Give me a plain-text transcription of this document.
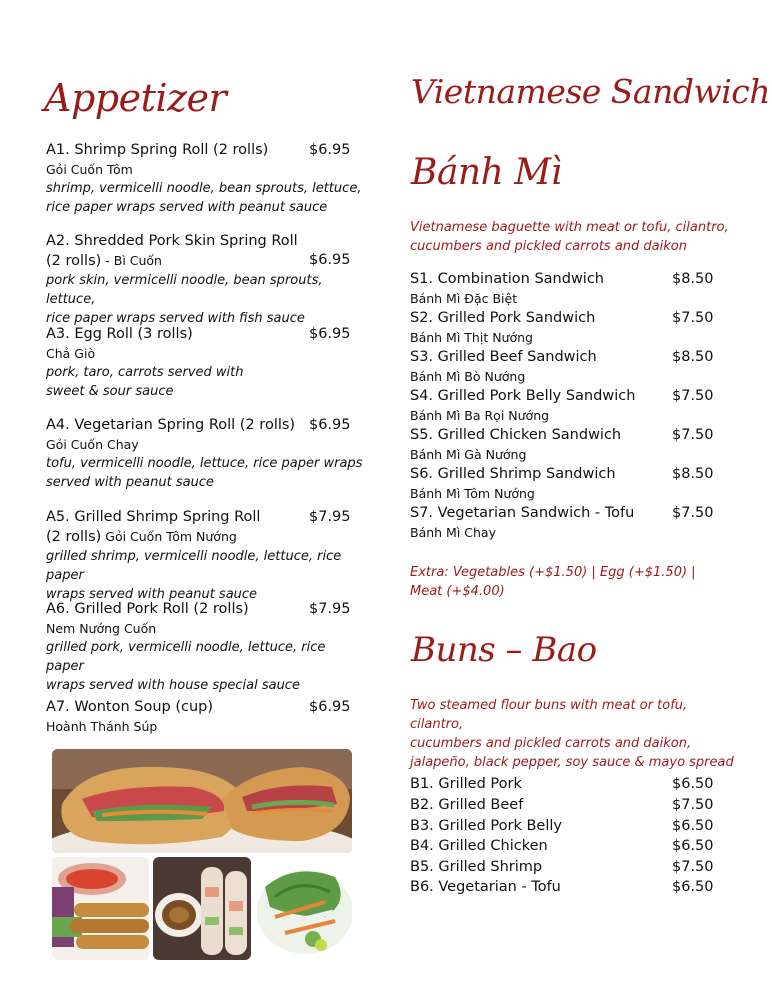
Appetizer
A1. Shrimp Spring Roll (2 rolls)	$6.95
Gỏi Cuốn Tôm
shrimp, vermicelli noodle, bean sprouts, lettuce,
rice paper wraps served with peanut sauce
A2. Shredded Pork Skin Spring Roll
(2 rolls) - Bì Cuốn	$6.95
pork skin, vermicelli noodle, bean sprouts, lettuce,
rice paper wraps served with fish sauce
A3. Egg Roll (3 rolls)	$6.95
Chả Giò
pork, taro, carrots served with
sweet & sour sauce
A4. Vegetarian Spring Roll (2 rolls) $6.95
Gỏi Cuốn Chay
tofu, vermicelli noodle, lettuce, rice paper wraps
served with peanut sauce
A5. Grilled Shrimp Spring Roll	$7.95
(2 rolls) Gỏi Cuốn Tôm Nướng
grilled shrimp, vermicelli noodle, lettuce, rice paper
wraps served with peanut sauce
A6. Grilled Pork Roll (2 rolls)	$7.95
Nem Nướng Cuốn
grilled pork, vermicelli noodle, lettuce, rice paper
wraps served with house special sauce
A7. Wonton Soup (cup)	$6.95
Hoành Thánh Súp
Vietnamese Sandwich
Bánh Mì
Vietnamese baguette with meat or tofu, cilantro,
cucumbers and pickled carrots and daikon
S1. Combination Sandwich	$8.50
Bánh Mì Đặc Biệt
S2. Grilled Pork Sandwich	$7.50
Bánh Mì Thịt Nướng
S3. Grilled Beef Sandwich	$8.50
Bánh Mì Bò Nướng
S4. Grilled Pork Belly Sandwich	$7.50
Bánh Mì Ba Rọi Nướng
S5. Grilled Chicken Sandwich	$7.50
Bánh Mì Gà Nướng
S6. Grilled Shrimp Sandwich	$8.50
Bánh Mì Tôm Nướng
S7. Vegetarian Sandwich - Tofu	$7.50
Bánh Mì Chay
Extra: Vegetables (+$1.50) | Egg (+$1.50) |
Meat (+$4.00)
Buns – Bao
Two steamed flour buns with meat or tofu, cilantro,
cucumbers and pickled carrots and daikon,
jalapeño, black pepper, soy sauce & mayo spread
B1. Grilled Pork	$6.50
B2. Grilled Beef	$7.50
B3. Grilled Pork Belly	$6.50
B4. Grilled Chicken	$6.50
B5. Grilled Shrimp	$7.50
B6. Vegetarian - Tofu	$6.50
